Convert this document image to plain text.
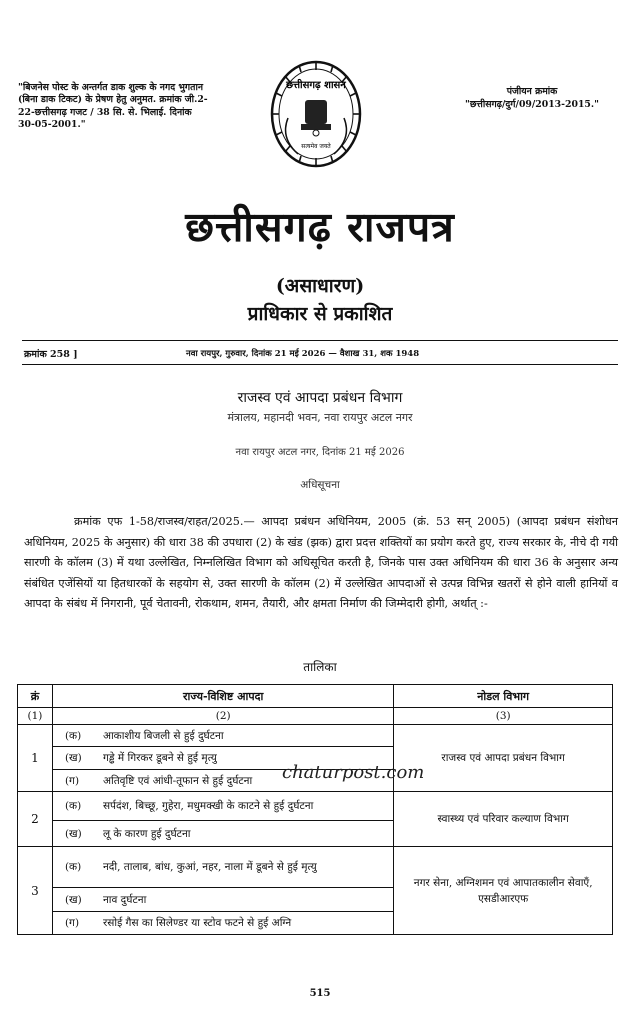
छत्तीसगढ़ शासन
सत्यमेव जयते
"बिजनेस पोस्ट के अन्तर्गत डाक शुल्क के नगद भुगतान (बिना डाक टिकट) के प्रेषण हेतु अनुमत. क्रमांक जी.2-22-छत्तीसगढ़ गजट / 38 सि. से. भिलाई. दिनांक 30-05-2001."
पंजीयन क्रमांक
"छत्तीसगढ़/दुर्ग/09/2013-2015."
छत्तीसगढ़ राजपत्र
(असाधारण)
प्राधिकार से प्रकाशित
क्रमांक 258 ]	नवा रायपुर, गुरुवार, दिनांक 21 मई 2026 — वैशाख 31, शक 1948
राजस्व एवं आपदा प्रबंधन विभाग
मंत्रालय, महानदी भवन, नवा रायपुर अटल नगर
नवा रायपुर अटल नगर, दिनांक 21 मई 2026
अधिसूचना
क्रमांक एफ 1-58/राजस्व/राहत/2025.— आपदा प्रबंधन अधिनियम, 2005 (क्रं. 53 सन् 2005) (आपदा प्रबंधन संशोधन अधिनियम, 2025 के अनुसार) की धारा 38 की उपधारा (2) के खंड (झक) द्वारा प्रदत्त शक्तियों का प्रयोग करते हुए, राज्य सरकार के, नीचे दी गयी सारणी के कॉलम (3) में यथा उल्लेखित, निम्नलिखित विभाग को अधिसूचित करती है, जिनके पास उक्त अधिनियम की धारा 36 के अनुसार अन्य संबंधित एजेंसियों या हितधारकों के सहयोग से, उक्त सारणी के कॉलम (2) में उल्लेखित आपदाओं से उत्पन्न विभिन्न खतरों से होने वाली हानियों व आपदा के संबंध में निगरानी, पूर्व चेतावनी, रोकथाम, शमन, तैयारी, और क्षमता निर्माण की जिम्मेदारी होगी, अर्थात् :-
तालिका
क्रं	राज्य-विशिष्ट आपदा	नोडल विभाग
(1)	(2)	(3)
1	(क) आकाशीय बिजली से हुई दुर्घटना	राजस्व एवं आपदा प्रबंधन विभाग

	(ख) गड्ढे में गिरकर डूबने से हुई मृत्यु	

	(ग) अतिवृष्टि एवं आंधी-तूफान से हुई दुर्घटना	

2	(क) सर्पदंश, बिच्छू, गुहेरा, मधुमक्खी के काटने से हुई दुर्घटना	स्वास्थ्य एवं परिवार कल्याण विभाग

	(ख) लू के कारण हुई दुर्घटना	

3	(क) नदी, तालाब, बांध, कुआं, नहर, नाला में डूबने से हुई मृत्यु	नगर सेना, अग्निशमन एवं आपातकालीन सेवाएँ, एसडीआरएफ

	(ख) नाव दुर्घटना	

	(ग) रसोई गैस का सिलेण्डर या स्टोव फटने से हुई अग्नि	
chaturpost.com
515
